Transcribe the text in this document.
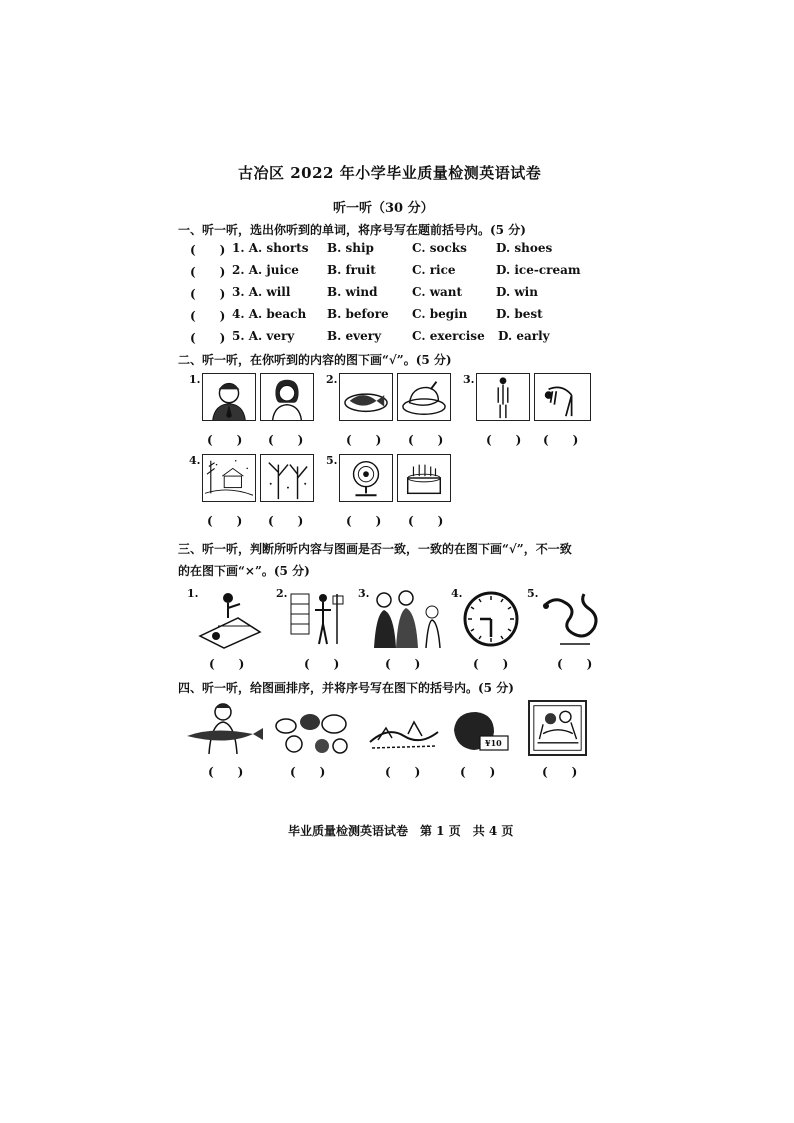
古冶区 2022 年小学毕业质量检测英语试卷
听一听（30 分）
一、听一听，选出你听到的单词，将序号写在题前括号内。(5 分)
(　　) 1. A. shorts B. ship	C. socks D. shoes
(　　) 2. A. juice B. fruit	C. rice	D. ice-cream
(　　) 3. A. will	B. wind	C. want	D. win
(　　) 4. A. beach B. before C. begin D. best
(　　) 5. A. very	B. every	C. exercise D. early
二、听一听，在你听到的内容的图下画“√”。(5 分)
1.	2.	3.
(　　) (　　)	(　　) (　　)	(　　) (　　)
4.	5.
(　　) (　　)	(　　) (　　)
三、听一听，判断所听内容与图画是否一致，一致的在图下画“√”，不一致
的在图下画“×”。(5 分)
1.	2.	3.	4.	5.
(　　)	(　　)	(　　)	(　　)	(　　)
四、听一听，给图画排序，并将序号写在图下的括号内。(5 分)
¥10
(　　)	(　　)	(　　)	(　　)	(　　)
毕业质量检测英语试卷　第 1 页　共 4 页
